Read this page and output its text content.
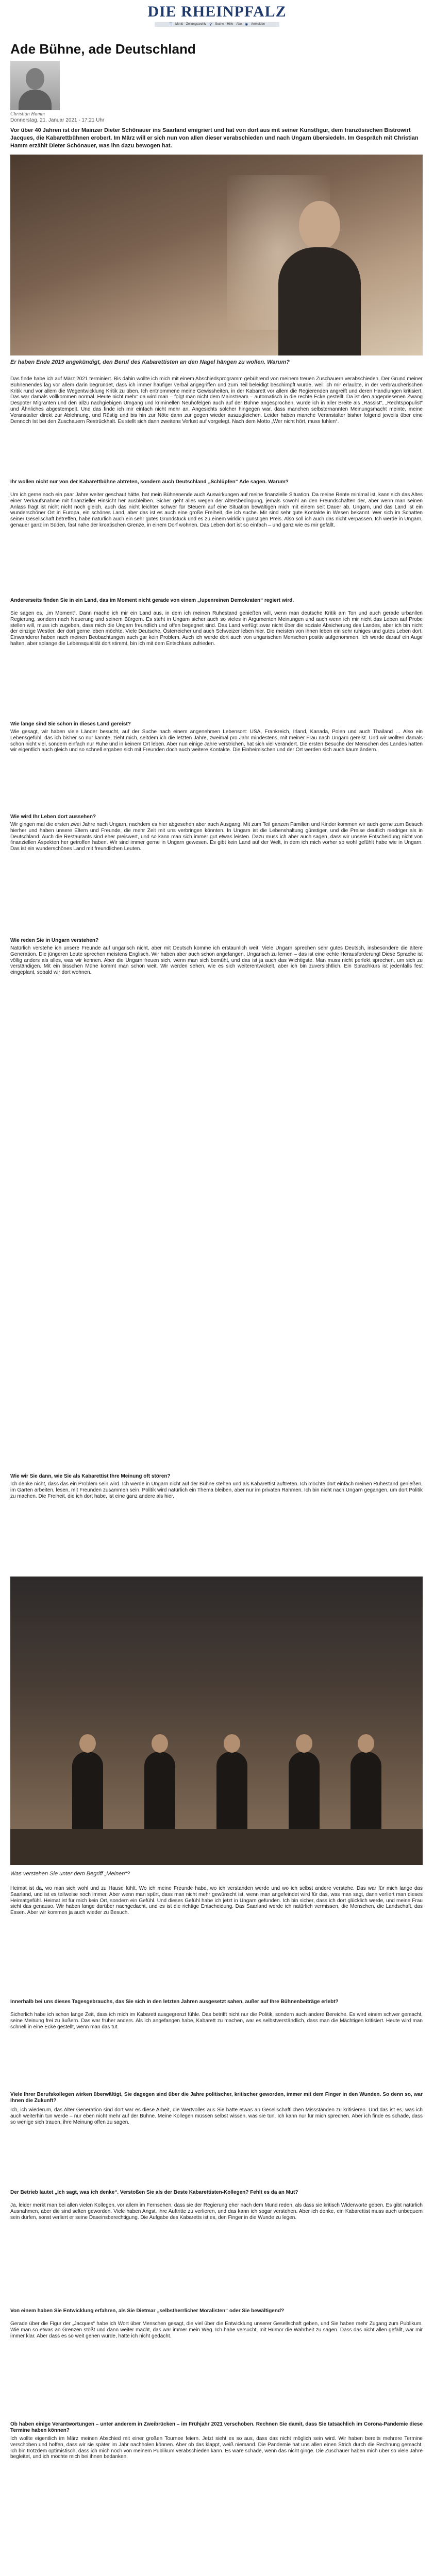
DIE RHEINPFALZ
☰ Menü Zeitungsarchiv ⚲ Suche Hilfe Abo ◉ Anmelden
Ade Bühne, ade Deutschland
Christian Hamm
Donnerstag, 21. Januar 2021 - 17:21 Uhr
Vor über 40 Jahren ist der Mainzer Dieter Schönauer ins Saarland emigriert und hat von dort aus mit seiner Kunstfigur, dem französischen Bistrowirt Jacques, die Kabarettbühnen erobert. Im März will er sich nun von allen dieser verabschieden und nach Ungarn übersiedeln. Im Gespräch mit Christian Hamm erzählt Dieter Schönauer, was ihn dazu bewogen hat.
Er haben Ende 2019 angekündigt, den Beruf des Kabarettisten an den Nagel hängen zu wollen. Warum?
Das finde habe ich auf März 2021 terminiert. Bis dahin wollte ich mich mit einem Abschiedsprogramm gebührend von meinem treuen Zuschauern verabschieden. Der Grund meiner Bühnenendes lag vor allem darin begründet, dass ich immer häufiger verbal angegriffen und zum Teil beleidigt beschimpft wurde, weil ich mir erlaubte, in der verbraucherischen Kritik rund vor allem die Wegentwicklung Kritik zu üben. Ich entnommene meine Gewissheiten, in der Kabarett vor allem die Regierenden angreift und deren Handlungen kritisiert. Das war damals vollkommen normal. Heute nicht mehr: da wird man – folgt man nicht dem Mainstream – automatisch in die rechte Ecke gestellt. Da ist den angepriesenen Zwang Despoter Migranten und den allzu nachgiebigen Umgang und kriminellen Neuhöfelgen auch auf der Bühne angesprochen, wurde ich in aller Breite als „Rassist“, „Rechtspopulist“ und Ähnliches abgestempelt. Und das finde ich mir einfach nicht mehr an. Angesichts solcher hingegen war, dass manchen selbsternannten Meinungsmacht meinte, meine Veranstalter direkt zur Ablehnung, und Rüstig und bis hin zur Nöte dann zur gegen wieder auszugleichen. Leider haben manche Veranstalter bisher folgend jeweils über eine Dennoch Ist bei den Zuschauern Restrückhalt. Es stellt sich dann zweitens Verlust auf vorgelegt. Nach dem Motto „Wer nicht hört, muss fühlen“.
Ihr wollen nicht nur von der Kabarettbühne abtreten, sondern auch Deutschland „Schlüpfen“ Ade sagen. Warum?
Um ich gerne noch ein paar Jahre weiter geschaut hätte, hat mein Bühnenende auch Auswirkungen auf meine finanzielle Situation. Da meine Rente minimal ist, kann sich das Altes einer Verkaufsnahme mit finanzieller Hinsicht her ausbleiben. Sicher geht alles wegen der Altersbedingung, jemals sowohl an den Freundschaften der, aber wenn man seinen Anlass fragt ist nicht nicht noch gleich, auch das nicht leichter schwer für Steuern auf eine Situation bewältigen mich mit einem seit Dauer ab. Ungarn, und das Land ist ein wunderschöner Ort in Europa, ein schönes Land, aber das ist es auch eine große Freiheit, die ich suche. Mir sind sehr gute Kontakte in Wesen bekannt. Wer sich im Schatten seiner Gesellschaft betreffen, habe natürlich auch ein sehr gutes Grundstück und es zu einem wirklich günstigen Preis. Also soll ich auch das nicht verpassen. Ich werde in Ungarn, genauer ganz im Süden, fast nahe der kroatischen Grenze, in einem Dorf wohnen. Das Leben dort ist so einfach – und ganz wie es mir gefällt.
Andererseits finden Sie in ein Land, das im Moment nicht gerade von einem „lupenreinen Demokraten“ regiert wird.
Sie sagen es, „im Moment“. Dann mache ich mir ein Land aus, in dem ich meinen Ruhestand genießen will, wenn man deutsche Kritik am Ton und auch gerade urbanllen Regierung, sondern nach Neuerung und seinem Bürgern. Es steht in Ungarn sicher auch so vieles in Argumenten Meinungen und auch wenn ich mir nicht das Leben auf Probe stellen will, muss ich zugeben, dass mich die Ungarn freundlich und offen begegnet sind. Das Land verfügt zwar nicht über die soziale Absicherung des Landes, aber ich bin nicht der einzige Westler, der dort gerne leben möchte. Viele Deutsche, Österreicher und auch Schweizer leben hier. Die meisten von ihnen leben ein sehr ruhiges und gutes Leben dort. Einwanderer haben nach meinen Beobachtungen auch gar kein Problem. Auch ich werde dort auch von ungarischen Menschen positiv aufgenommen. Ich werde darauf ein Auge halten, aber solange die Lebensqualität dort stimmt, bin ich mit dem Entschluss zufrieden.
Wie lange sind Sie schon in dieses Land gereist?
Wie gesagt, wir haben viele Länder besucht, auf der Suche nach einem angenehmen Lebensort: USA, Frankreich, Irland, Kanada, Polen und auch Thailand … Also ein Lebensgefühl, das ich bisher so nur kannte, zieht mich, seitdem ich die letzten Jahre, zweimal pro Jahr mindestens, mit meiner Frau nach Ungarn gereist. Und wir wollten damals schon nicht viel, sondern einfach nur Ruhe und in keinem Ort leben. Aber nun einige Jahre verstrichen, hat sich viel verändert. Die ersten Besuche der Menschen des Landes hatten wir eigentlich auch gleich und so schnell ergaben sich mit Freunden doch auch weitere Kontakte. Die Einheimischen und der Ort werden sich auch kaum ändern.
Wie wird Ihr Leben dort aussehen?
Wir gingen mal die ersten zwei Jahre nach Ungarn, nachdem es hier abgesehen aber auch Ausgang. Mit zum Teil ganzen Familien und Kinder kommen wir auch gerne zum Besuch hierher und haben unsere Eltern und Freunde, die mehr Zeit mit uns verbringen könnten. In Ungarn ist die Lebenshaltung günstiger, und die Preise deutlich niedriger als in Deutschland. Auch die Restaurants sind eher preiswert, und so kann man sich immer gut etwas leisten. Dazu muss ich aber auch sagen, dass wir unsere Entscheidung nicht von finanziellen Aspekten her getroffen haben. Wir sind immer gerne in Ungarn gewesen. Es gibt kein Land auf der Welt, in dem ich mich vorher so wohl gefühlt habe wie in Ungarn. Das ist ein wunderschönes Land mit freundlichen Leuten.
Wie reden Sie in Ungarn verstehen?
Natürlich verstehe ich unsere Freunde auf ungarisch nicht, aber mit Deutsch komme ich erstaunlich weit. Viele Ungarn sprechen sehr gutes Deutsch, insbesondere die ältere Generation. Die jüngeren Leute sprechen meistens Englisch. Wir haben aber auch schon angefangen, Ungarisch zu lernen – das ist eine echte Herausforderung! Diese Sprache ist völlig anders als alles, was wir kennen. Aber die Ungarn freuen sich, wenn man sich bemüht, und das ist ja auch das Wichtigste. Man muss nicht perfekt sprechen, um sich zu verständigen. Mit ein bisschen Mühe kommt man schon weit. Wir werden sehen, wie es sich weiterentwickelt, aber ich bin zuversichtlich. Ein Sprachkurs ist jedenfalls fest eingeplant, sobald wir dort wohnen.
Wie wir Sie dann, wie Sie als Kabarettist Ihre Meinung oft stören?
Ich denke nicht, dass das ein Problem sein wird. Ich werde in Ungarn nicht auf der Bühne stehen und als Kabarettist auftreten. Ich möchte dort einfach meinen Ruhestand genießen, im Garten arbeiten, lesen, mit Freunden zusammen sein. Politik wird natürlich ein Thema bleiben, aber nur im privaten Rahmen. Ich bin nicht nach Ungarn gegangen, um dort Politik zu machen. Die Freiheit, die ich dort habe, ist eine ganz andere als hier.
Was verstehen Sie unter dem Begriff „Meinen“?
Heimat ist da, wo man sich wohl und zu Hause fühlt. Wo ich meine Freunde habe, wo ich verstanden werde und wo ich selbst andere verstehe. Das war für mich lange das Saarland, und ist es teilweise noch immer. Aber wenn man spürt, dass man nicht mehr gewünscht ist, wenn man angefeindet wird für das, was man sagt, dann verliert man dieses Heimatgefühl. Heimat ist für mich kein Ort, sondern ein Gefühl. Und dieses Gefühl habe ich jetzt in Ungarn gefunden. Ich bin sicher, dass ich dort glücklich werde, und meine Frau sieht das genauso. Wir haben lange darüber nachgedacht, und es ist die richtige Entscheidung. Das Saarland werde ich natürlich vermissen, die Menschen, die Landschaft, das Essen. Aber wir kommen ja auch wieder zu Besuch.
Innerhalb bei uns dieses Tagesgebrauchs, das Sie sich in den letzten Jahren ausgesetzt sahen, außer auf Ihre Bühnenbeiträge erlebt?
Sicherlich habe ich schon lange Zeit, dass ich mich im Kabarett ausgegrenzt fühle. Das betrifft nicht nur die Politik, sondern auch andere Bereiche. Es wird einem schwer gemacht, seine Meinung frei zu äußern. Das war früher anders. Als ich angefangen habe, Kabarett zu machen, war es selbstverständlich, dass man die Mächtigen kritisiert. Heute wird man schnell in eine Ecke gestellt, wenn man das tut.
Viele Ihrer Berufskollegen wirken überwältigt, Sie dagegen sind über die Jahre politischer, kritischer geworden, immer mit dem Finger in den Wunden. So denn so, war Ihnen die Zukunft?
Ich, ich wiederum, das Alter Generation sind dort war es diese Arbeit, die Wertvolles aus Sie hatte etwas an Gesellschaftlichen Missständen zu kritisieren. Und das ist es, was ich auch weiterhin tun werde – nur eben nicht mehr auf der Bühne. Meine Kollegen müssen selbst wissen, was sie tun. Ich kann nur für mich sprechen. Aber ich finde es schade, dass so wenige sich trauen, ihre Meinung offen zu sagen.
Der Betrieb lautet „Ich sagt, was ich denke“. Verstoßen Sie als der Beste Kabarettisten-Kollegen? Fehlt es da an Mut?
Ja, leider merkt man bei allen vielen Kollegen, vor allem im Fernsehen, dass sie der Regierung eher nach dem Mund reden, als dass sie kritisch Widerworte geben. Es gibt natürlich Ausnahmen, aber die sind selten geworden. Viele haben Angst, ihre Auftritte zu verlieren, und das kann ich sogar verstehen. Aber ich denke, ein Kabarettist muss auch unbequem sein dürfen, sonst verliert er seine Daseinsberechtigung. Die Aufgabe des Kabaretts ist es, den Finger in die Wunde zu legen.
Von einem haben Sie Entwicklung erfahren, als Sie Dietmar „selbstherrlicher Moralisten“ oder Sie bewältigend?
Gerade über die Figur der „Jacques“ habe ich Wort über Menschen gesagt, die viel über die Entwicklung unserer Gesellschaft geben, und Sie haben mehr Zugang zum Publikum. Wie man so etwas an Grenzen stößt und dann weiter macht, das war immer mein Weg. Ich habe versucht, mit Humor die Wahrheit zu sagen. Dass das nicht allen gefällt, war mir immer klar. Aber dass es so weit gehen würde, hätte ich nicht gedacht.
Ob haben einige Verantwortungen – unter anderem in Zweibrücken – im Frühjahr 2021 verschoben. Rechnen Sie damit, dass Sie tatsächlich im Corona-Pandemie diese Termine haben können?
Ich wollte eigentlich im März meinen Abschied mit einer großen Tournee feiern. Jetzt sieht es so aus, dass das nicht möglich sein wird. Wir haben bereits mehrere Termine verschoben und hoffen, dass wir sie später im Jahr nachholen können. Aber ob das klappt, weiß niemand. Die Pandemie hat uns allen einen Strich durch die Rechnung gemacht. Ich bin trotzdem optimistisch, dass ich mich noch von meinem Publikum verabschieden kann. Es wäre schade, wenn das nicht ginge. Die Zuschauer haben mich über so viele Jahre begleitet, und ich möchte mich bei ihnen bedanken.
